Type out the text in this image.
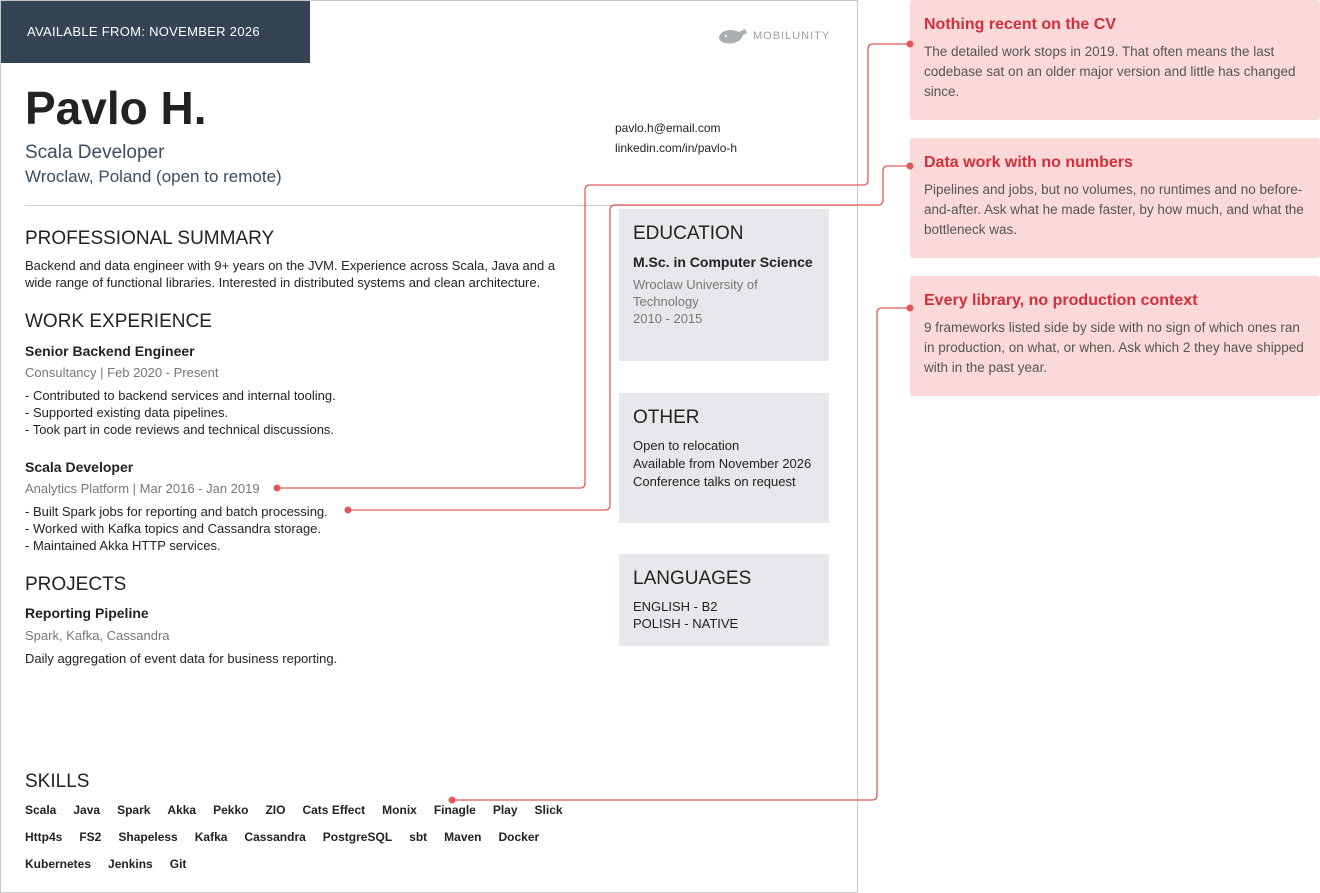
AVAILABLE FROM: NOVEMBER 2026	MOBILUNITY
Pavlo H.
Scala Developer
Wroclaw, Poland (open to remote)
pavlo.h@email.com
linkedin.com/in/pavlo-h
PROFESSIONAL SUMMARY
Backend and data engineer with 9+ years on the JVM. Experience across Scala, Java and a wide range of functional libraries. Interested in distributed systems and clean architecture.
WORK EXPERIENCE
Senior Backend Engineer
Consultancy | Feb 2020 - Present
- Contributed to backend services and internal tooling.
- Supported existing data pipelines.
- Took part in code reviews and technical discussions.
Scala Developer
Analytics Platform | Mar 2016 - Jan 2019
- Built Spark jobs for reporting and batch processing.
- Worked with Kafka topics and Cassandra storage.
- Maintained Akka HTTP services.
PROJECTS
Reporting Pipeline
Spark, Kafka, Cassandra
Daily aggregation of event data for business reporting.
EDUCATION
M.Sc. in Computer Science
Wroclaw University of Technology
2010 - 2015
OTHER
Open to relocation
Available from November 2026
Conference talks on request
LANGUAGES
ENGLISH - B2
POLISH - NATIVE
SKILLS
Scala Java Spark Akka Pekko ZIO Cats Effect Monix Finagle Play Slick
Http4s FS2 Shapeless Kafka Cassandra PostgreSQL sbt Maven Docker
Kubernetes Jenkins Git
Nothing recent on the CV
The detailed work stops in 2019. That often means the last codebase sat on an older major version and little has changed since.
Data work with no numbers
Pipelines and jobs, but no volumes, no runtimes and no before-and-after. Ask what he made faster, by how much, and what the bottleneck was.
Every library, no production context
9 frameworks listed side by side with no sign of which ones ran in production, on what, or when. Ask which 2 they have shipped with in the past year.
